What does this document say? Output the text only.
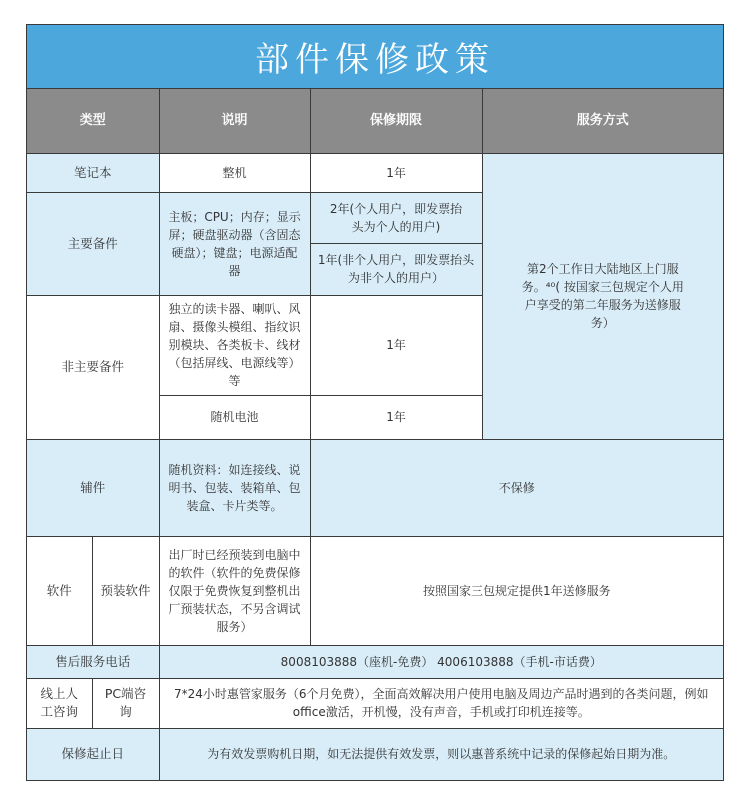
部件保修政策
类型		说明	保修期限	服务方式
笔记本		整机	1年	第2个工作日大陆地区上门服务。⁴⁰( 按国家三包规定个人用户享受的第二年服务为送修服务）
主要备件		主板；CPU；内存；显示屏；硬盘驱动器（含固态硬盘）；键盘；电源适配器	2年(个人用户，即发票抬头为个人的用户)	
			1年(非个人用户，即发票抬头为非个人的用户）	
非主要备件		独立的读卡器、喇叭、风扇、摄像头模组、指纹识别模块、各类板卡、线材（包括屏线、电源线等）等	1年	
		随机电池	1年	
辅件		随机资料：如连接线、说明书、包装、装箱单、包装盒、卡片类等。	不保修	
软件	预装软件	出厂时已经预装到电脑中的软件（软件的免费保修仅限于免费恢复到整机出厂预装状态，不另含调试服务）	按照国家三包规定提供1年送修服务	
售后服务电话		8008103888（座机-免费） 4006103888（手机-市话费）		
线上人工咨询	PC端咨询	7*24小时惠管家服务（6个月免费），全面高效解决用户使用电脑及周边产品时遇到的各类问题，例如office激活，开机慢，没有声音，手机或打印机连接等。		
保修起止日		为有效发票购机日期，如无法提供有效发票，则以惠普系统中记录的保修起始日期为准。		
